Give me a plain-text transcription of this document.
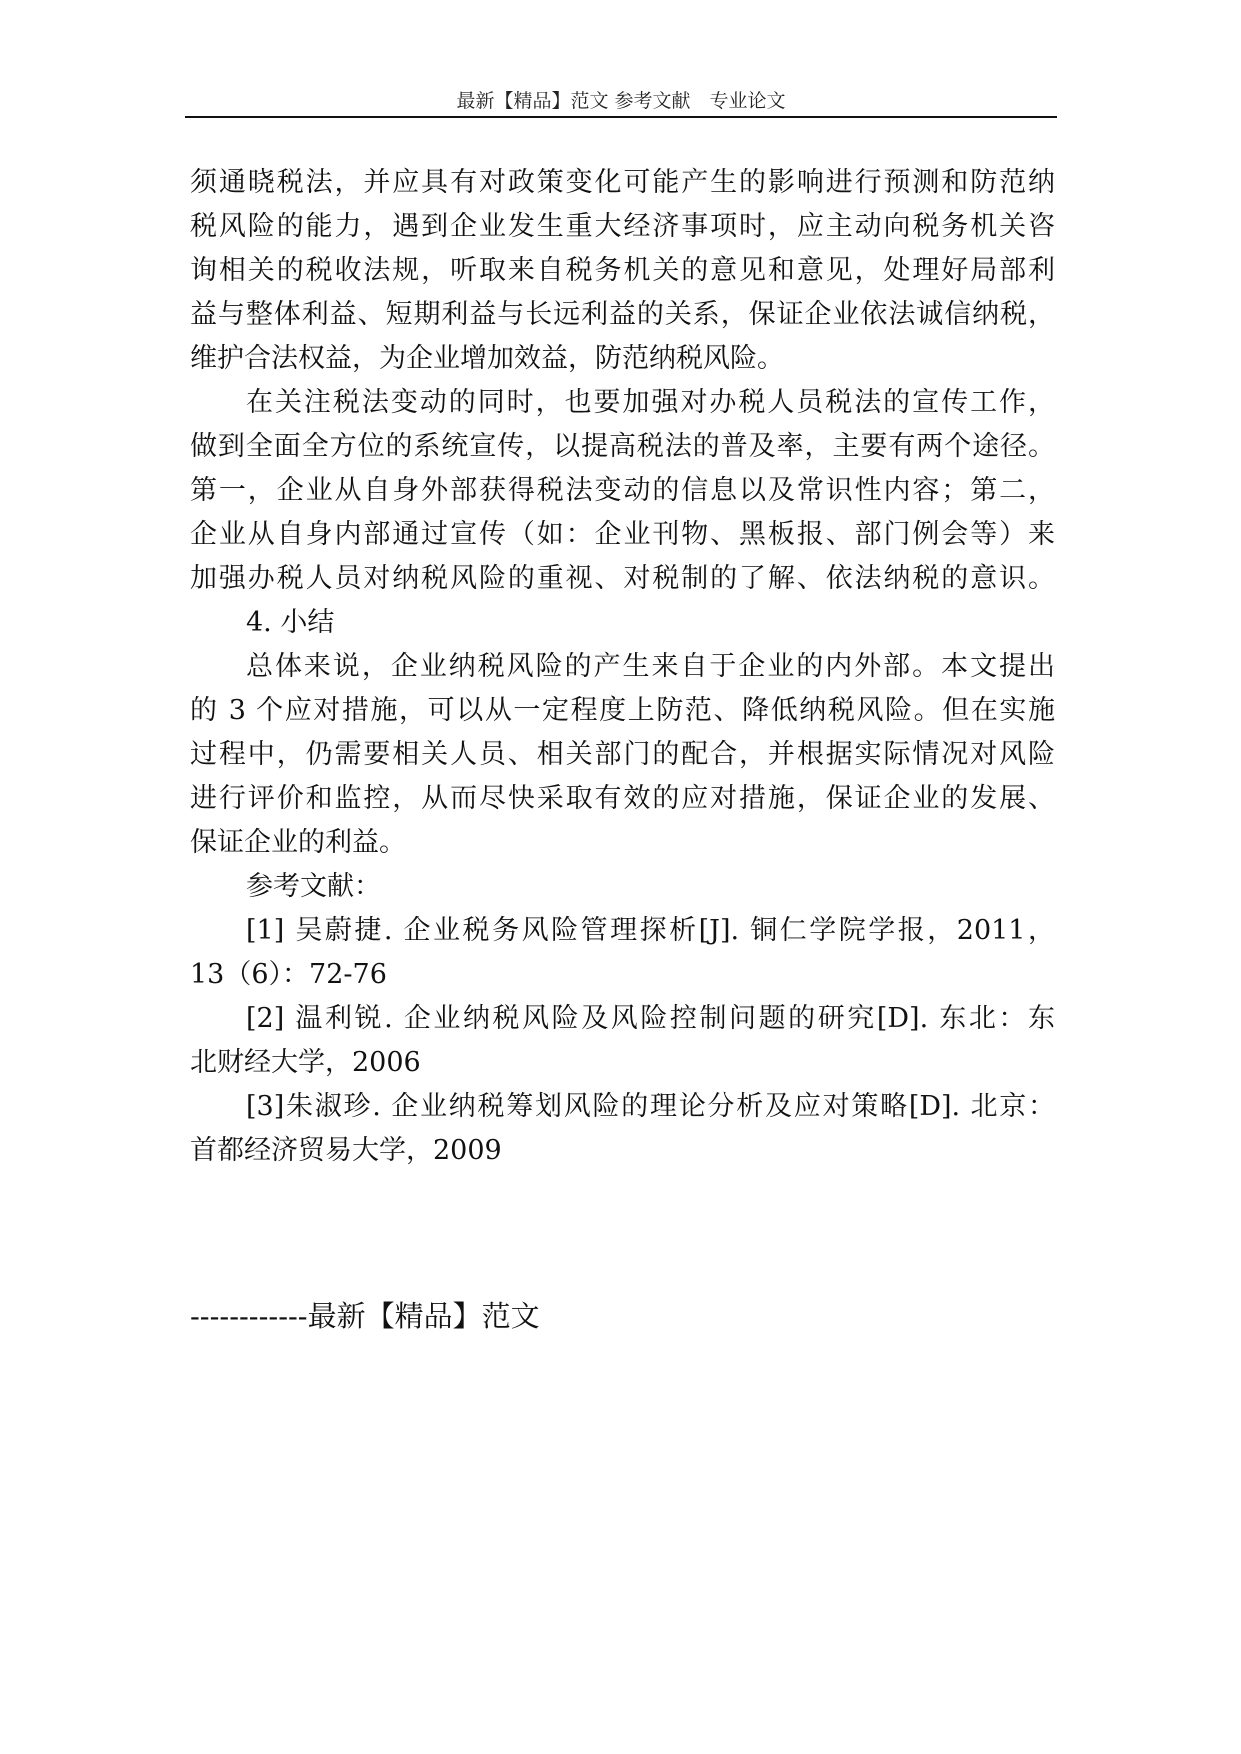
最新【精品】范文 参考文献　专业论文
须通晓税法，并应具有对政策变化可能产生的影响进行预测和防范纳
税风险的能力，遇到企业发生重大经济事项时，应主动向税务机关咨
询相关的税收法规，听取来自税务机关的意见和意见，处理好局部利
益与整体利益、短期利益与长远利益的关系，保证企业依法诚信纳税，
维护合法权益，为企业增加效益，防范纳税风险。
在关注税法变动的同时，也要加强对办税人员税法的宣传工作，
做到全面全方位的系统宣传，以提高税法的普及率，主要有两个途径。
第一，企业从自身外部获得税法变动的信息以及常识性内容；第二，
企业从自身内部通过宣传（如：企业刊物、黑板报、部门例会等）来
加强办税人员对纳税风险的重视、对税制的了解、依法纳税的意识。
4. 小结
总体来说，企业纳税风险的产生来自于企业的内外部。本文提出
的 3 个应对措施，可以从一定程度上防范、降低纳税风险。但在实施
过程中，仍需要相关人员、相关部门的配合，并根据实际情况对风险
进行评价和监控，从而尽快采取有效的应对措施，保证企业的发展、
保证企业的利益。
参考文献：
[1] 吴蔚捷. 企业税务风险管理探析[J]. 铜仁学院学报，2011，
13（6）：72-76
[2] 温利锐. 企业纳税风险及风险控制问题的研究[D]. 东北：东
北财经大学，2006
[3]朱淑珍. 企业纳税筹划风险的理论分析及应对策略[D]. 北京：
首都经济贸易大学，2009
------------最新【精品】范文
